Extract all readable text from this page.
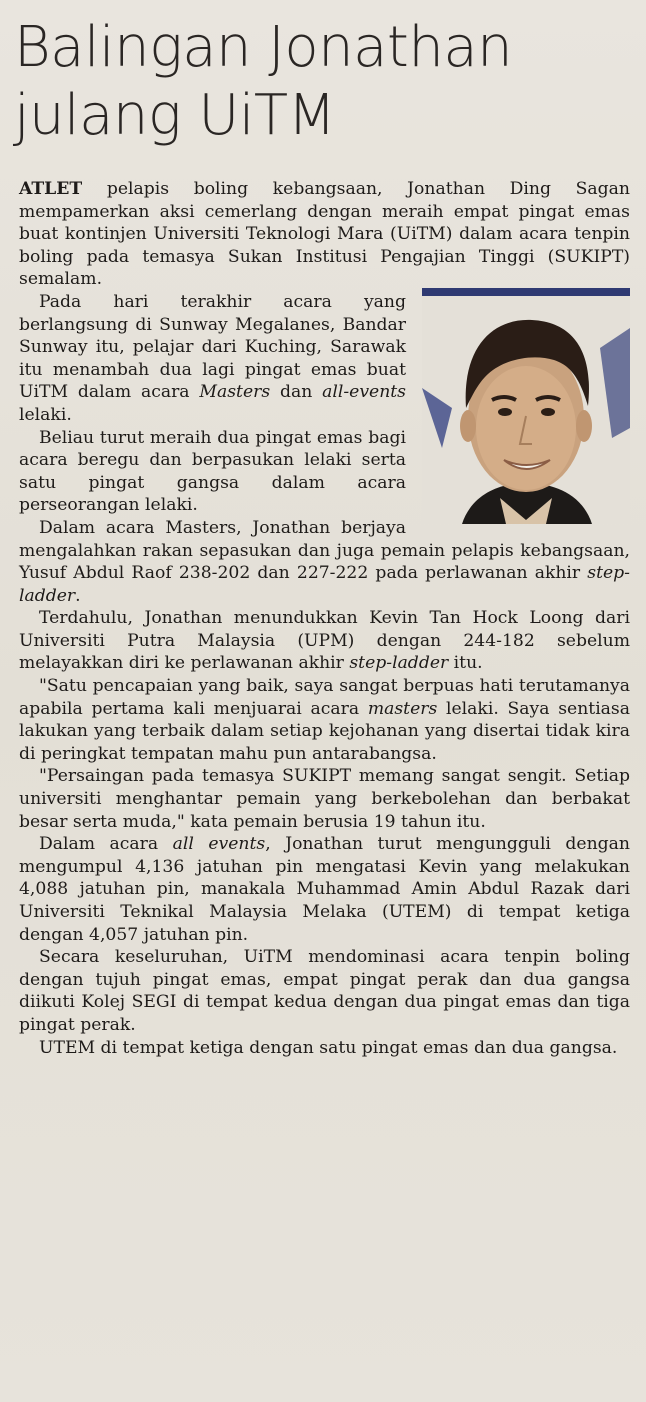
Balingan Jonathan julang UiTM

ATLET pelapis boling kebangsaan, Jonathan Ding Sagan mempamerkan aksi cemerlang dengan meraih empat pingat emas buat kontinjen Universiti Teknologi Mara (UiTM) dalam acara tenpin boling pada temasya Sukan Institusi Pengajian Tinggi (SUKIPT) semalam.

Pada hari terakhir acara yang berlangsung di Sunway Megalanes, Bandar Sunway itu, pelajar dari Kuching, Sarawak itu menambah dua lagi pingat emas buat UiTM dalam acara Masters dan all-events lelaki.

Beliau turut meraih dua pingat emas bagi acara beregu dan berpasukan lelaki serta satu pingat gangsa dalam acara perseorangan lelaki.

Dalam acara Masters, Jonathan berjaya mengalahkan rakan sepasukan dan juga pemain pelapis kebangsaan, Yusuf Abdul Raof 238-202 dan 227-222 pada perlawanan akhir step-ladder.

Terdahulu, Jonathan menundukkan Kevin Tan Hock Loong dari Universiti Putra Malaysia (UPM) dengan 244-182 sebelum melayakkan diri ke perlawanan akhir step-ladder itu.

"Satu pencapaian yang baik, saya sangat berpuas hati terutamanya apabila pertama kali menjuarai acara masters lelaki. Saya sentiasa lakukan yang terbaik dalam setiap kejohanan yang disertai tidak kira di peringkat tempatan mahu pun antarabangsa.

"Persaingan pada temasya SUKIPT memang sangat sengit. Setiap universiti menghantar pemain yang berkebolehan dan berbakat besar serta muda," kata pemain berusia 19 tahun itu.

Dalam acara all events, Jonathan turut mengungguli dengan mengumpul 4,136 jatuhan pin mengatasi Kevin yang melakukan 4,088 jatuhan pin, manakala Muhammad Amin Abdul Razak dari Universiti Teknikal Malaysia Melaka (UTEM) di tempat ketiga dengan 4,057 jatuhan pin.

Secara keseluruhan, UiTM mendominasi acara tenpin boling dengan tujuh pingat emas, empat pingat perak dan dua gangsa diikuti Kolej SEGI di tempat kedua dengan dua pingat emas dan tiga pingat perak.

UTEM di tempat ketiga dengan satu pingat emas dan dua gangsa.
